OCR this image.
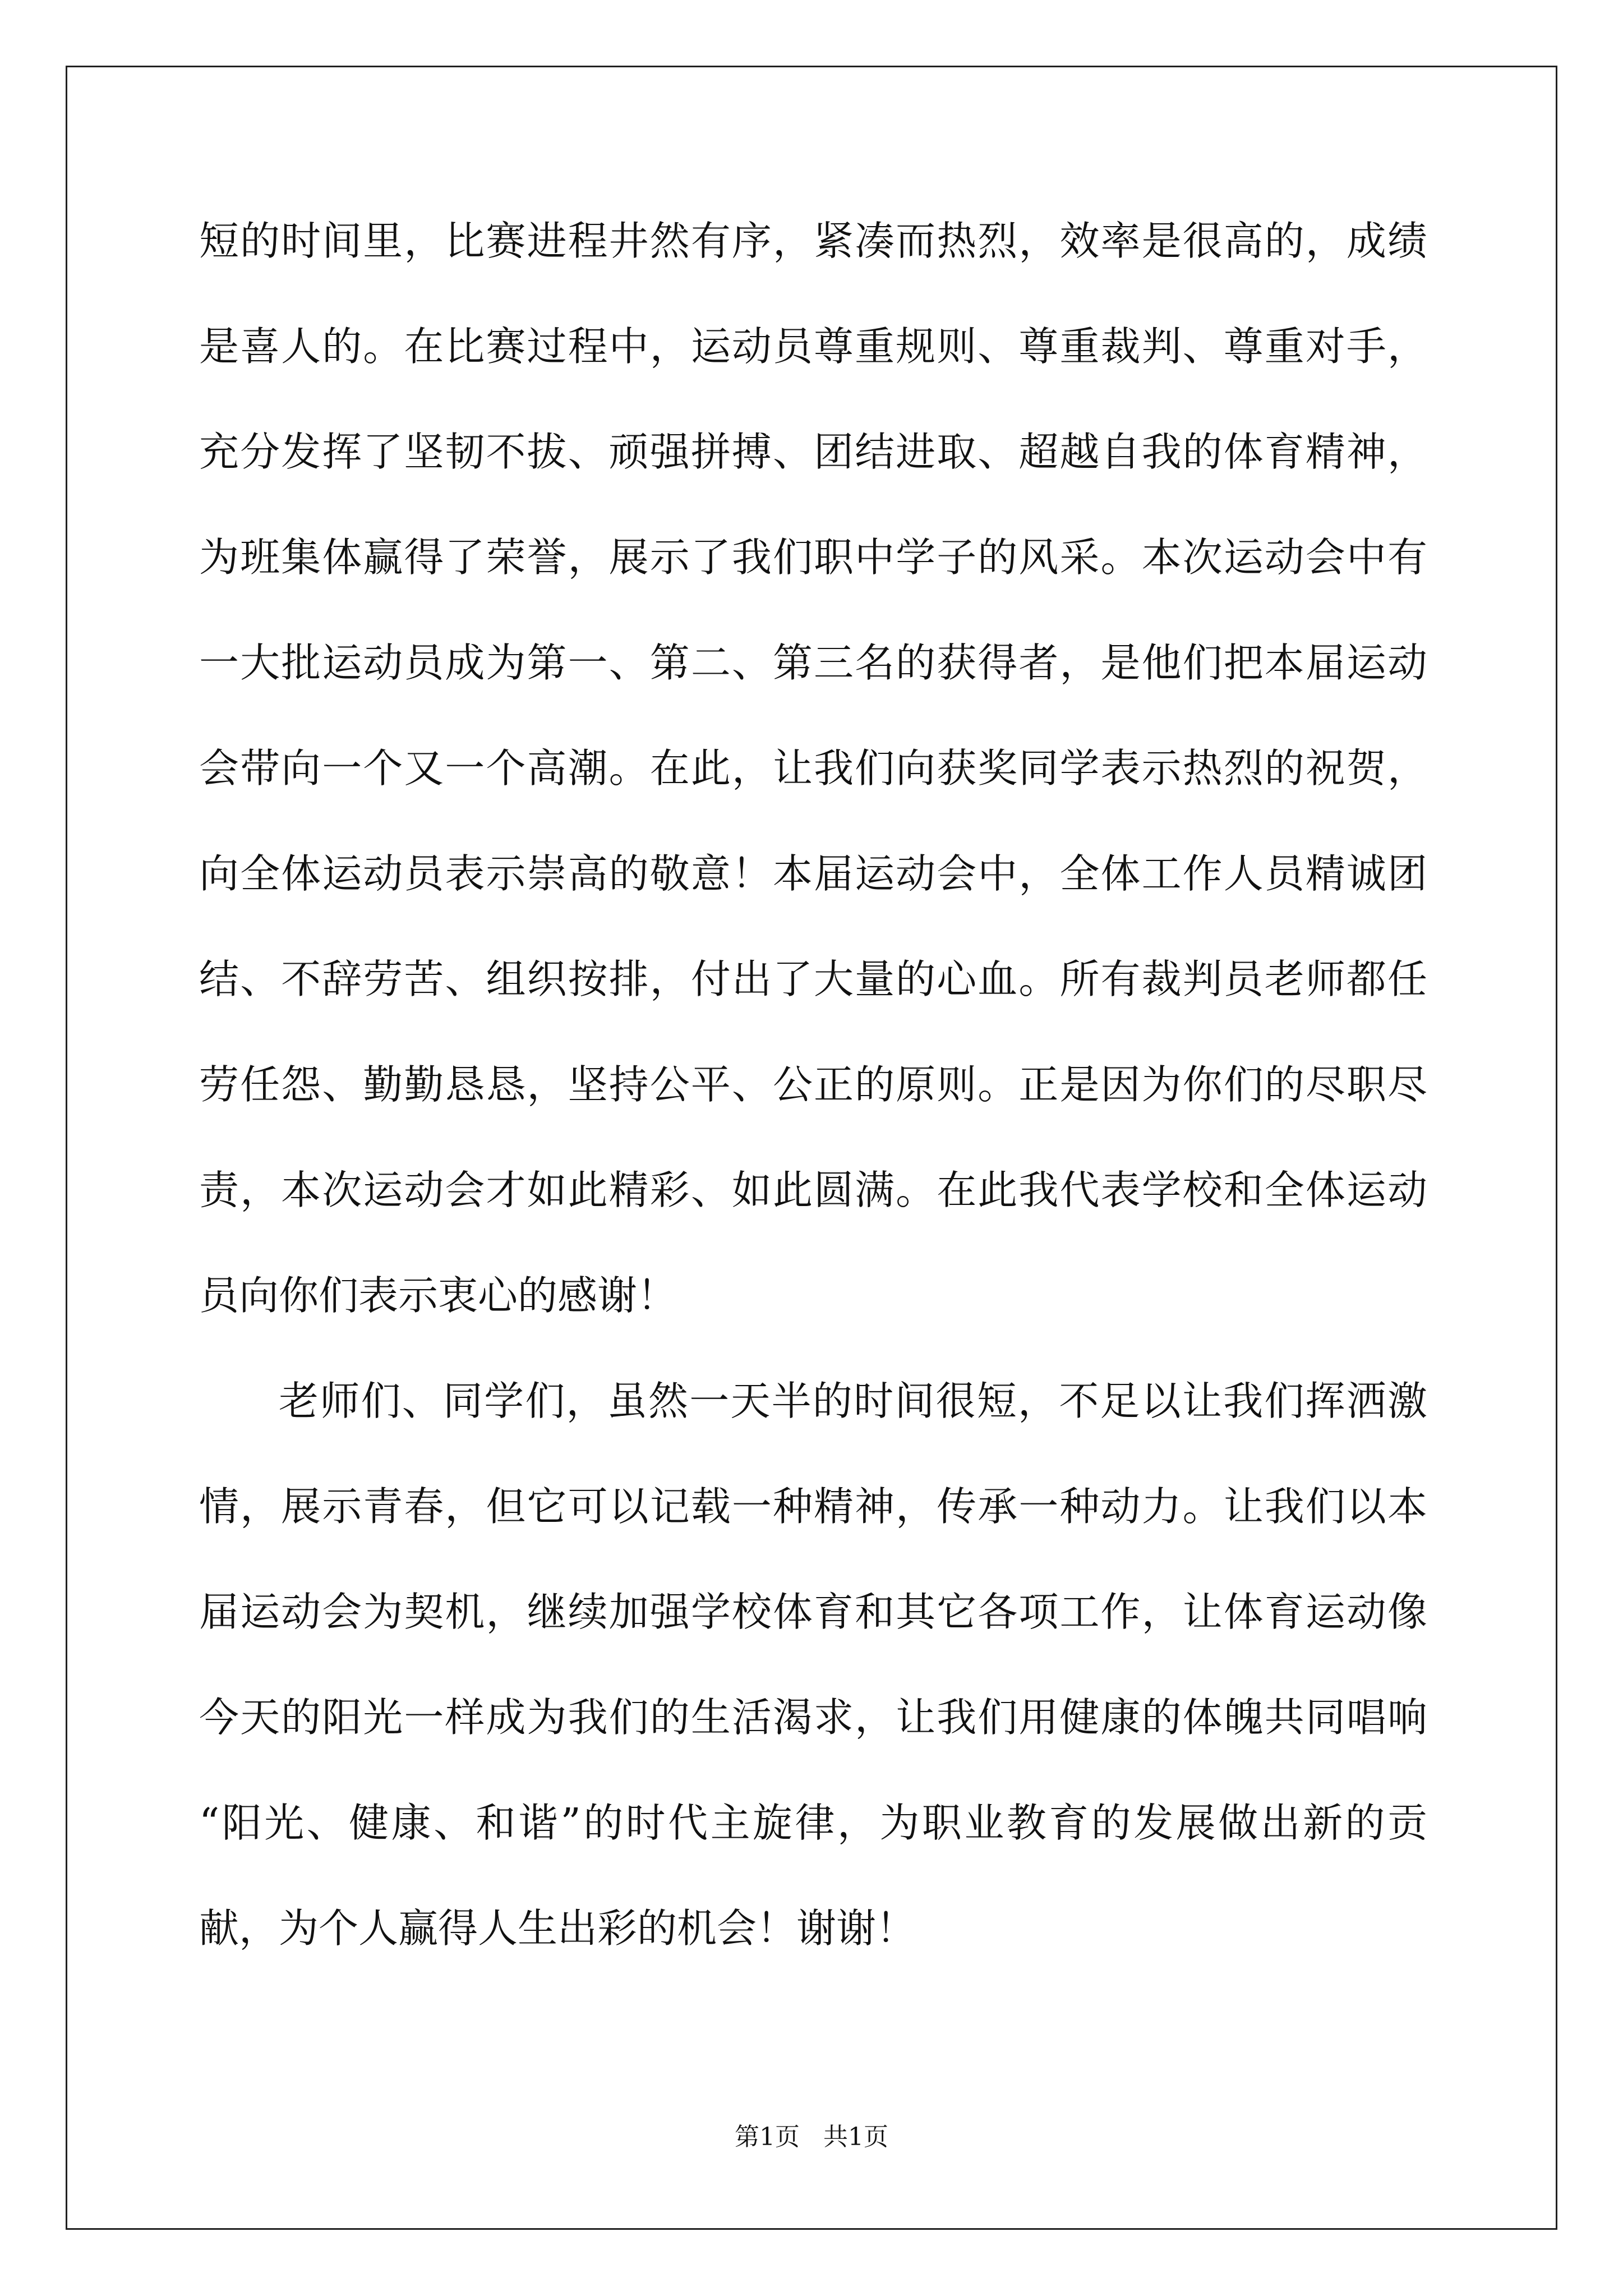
短的时间里，比赛进程井然有序，紧凑而热烈，效率是很高的，成绩
是喜人的。在比赛过程中，运动员尊重规则、尊重裁判、尊重对手，
充分发挥了坚韧不拔、顽强拼搏、团结进取、超越自我的体育精神，
为班集体赢得了荣誉，展示了我们职中学子的风采。本次运动会中有
一大批运动员成为第一、第二、第三名的获得者，是他们把本届运动
会带向一个又一个高潮。在此，让我们向获奖同学表示热烈的祝贺，
向全体运动员表示崇高的敬意！本届运动会中，全体工作人员精诚团
结、不辞劳苦、组织按排，付出了大量的心血。所有裁判员老师都任
劳任怨、勤勤恳恳，坚持公平、公正的原则。正是因为你们的尽职尽
责，本次运动会才如此精彩、如此圆满。在此我代表学校和全体运动
员向你们表示衷心的感谢！
老师们、同学们，虽然一天半的时间很短，不足以让我们挥洒激
情，展示青春，但它可以记载一种精神，传承一种动力。让我们以本
届运动会为契机，继续加强学校体育和其它各项工作，让体育运动像
今天的阳光一样成为我们的生活渴求，让我们用健康的体魄共同唱响
“阳光、健康、和谐”的时代主旋律，为职业教育的发展做出新的贡
献，为个人赢得人生出彩的机会！谢谢！
第1页   共1页
